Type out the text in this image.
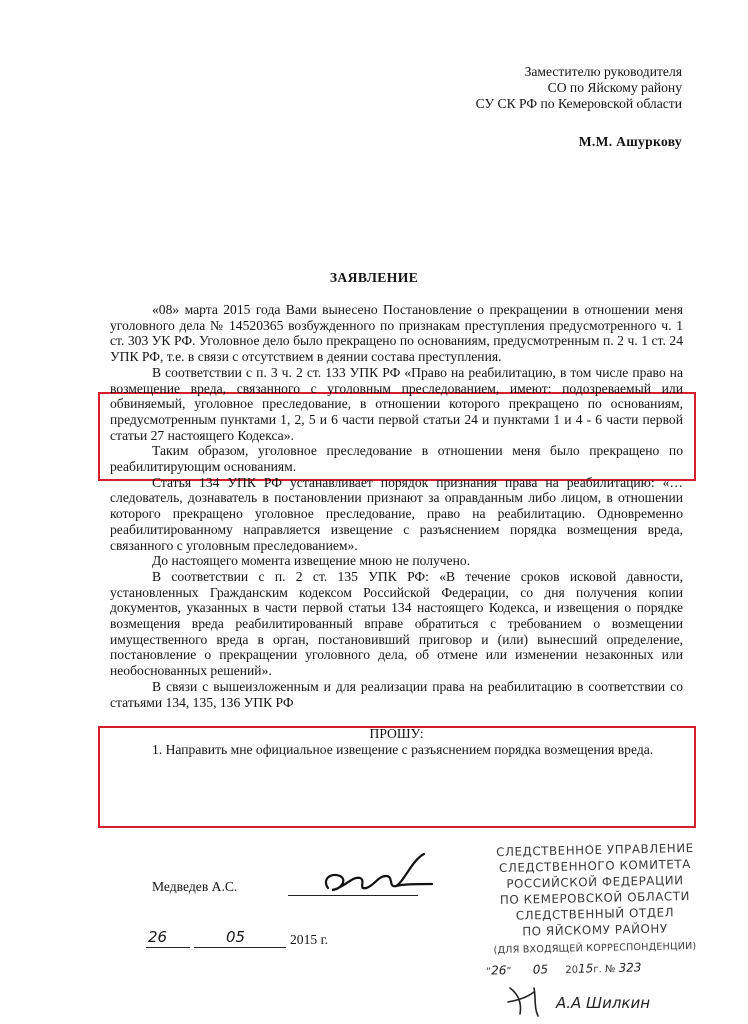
Заместителю руководителя
СО по Яйскому району
СУ СК РФ по Кемеровской области
М.М. Ашуркову
ЗАЯВЛЕНИЕ

«08» марта 2015 года Вами вынесено Постановление о прекращении в отношении меня уголовного дела № 14520365 возбужденного по признакам преступления предусмотренного ч. 1 ст. 303 УК РФ. Уголовное дело было прекращено по основаниям, предусмотренным п. 2 ч. 1 ст. 24 УПК РФ, т.е. в связи с отсутствием в деянии состава преступления.

В соответствии с п. 3 ч. 2 ст. 133 УПК РФ «Право на реабилитацию, в том числе право на возмещение вреда, связанного с уголовным преследованием, имеют: подозреваемый или обвиняемый, уголовное преследование, в отношении которого прекращено по основаниям, предусмотренным пунктами 1, 2, 5 и 6 части первой статьи 24 и пунктами 1 и 4 - 6 части первой статьи 27 настоящего Кодекса».

Таким образом, уголовное преследование в отношении меня было прекращено по реабилитирующим основаниям.

Статья 134 УПК РФ устанавливает порядок признания права на реабилитацию: «…следователь, дознаватель в постановлении признают за оправданным либо лицом, в отношении которого прекращено уголовное преследование, право на реабилитацию. Одновременно реабилитированному направляется извещение с разъяснением порядка возмещения вреда, связанного с уголовным преследованием».

До настоящего момента извещение мною не получено.

В соответствии с п. 2 ст. 135 УПК РФ: «В течение сроков исковой давности, установленных Гражданским кодексом Российской Федерации, со дня получения копии документов, указанных в части первой статьи 134 настоящего Кодекса, и извещения о порядке возмещения вреда реабилитированный вправе обратиться с требованием о возмещении имущественного вреда в орган, постановивший приговор и (или) вынесший определение, постановление о прекращении уголовного дела, об отмене или изменении незаконных или необоснованных решений».

В связи с вышеизложенным и для реализации права на реабилитацию в соответствии со статьями 134, 135, 136 УПК РФ

ПРОШУ:

1. Направить мне официальное извещение с разъяснением порядка возмещения вреда.

Медведев А.С.
26	05	2015 г.
СЛЕДСТВЕННОЕ УПРАВЛЕНИЕ
СЛЕДСТВЕННОГО КОМИТЕТА
РОССИЙСКОЙ ФЕДЕРАЦИИ
ПО КЕМЕРОВСКОЙ ОБЛАСТИ
СЛЕДСТВЕННЫЙ ОТДЕЛ
ПО ЯЙСКОМУ РАЙОНУ
(ДЛЯ ВХОДЯЩЕЙ КОРРЕСПОНДЕНЦИИ)
“26” 05 2015г. № 323
А.А Шилкин
